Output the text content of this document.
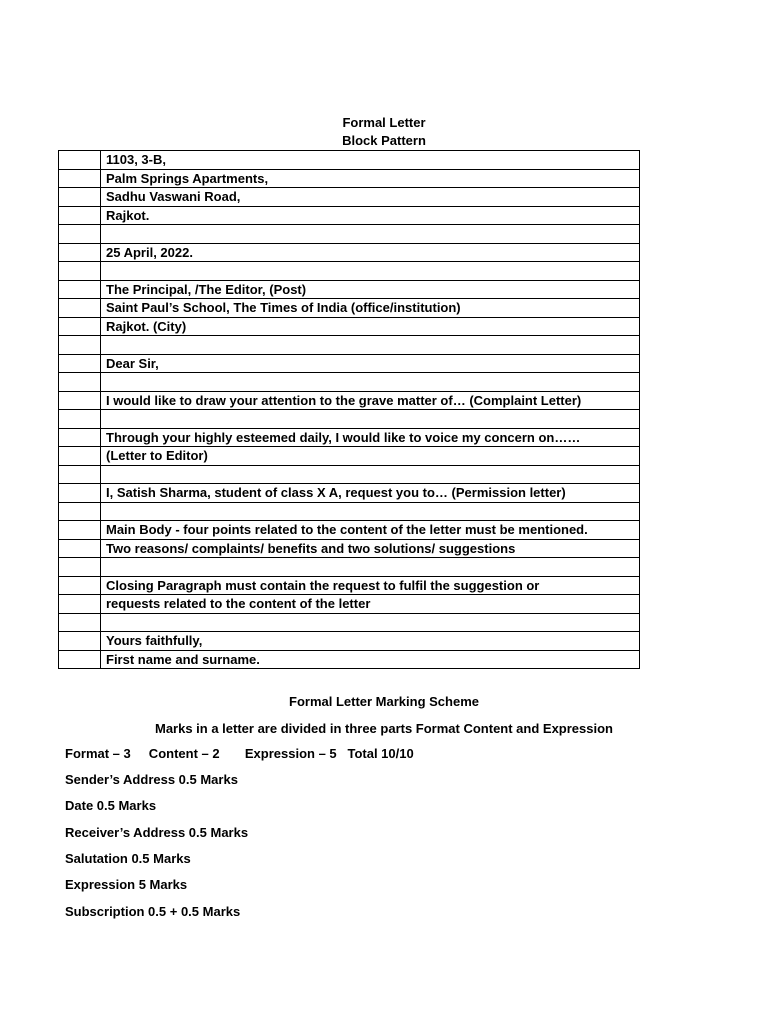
Formal Letter
Block Pattern
	1103, 3-B,
	Palm Springs Apartments,
	Sadhu Vaswani Road,
	Rajkot.

	25 April, 2022.

	The Principal, /The Editor, (Post)
	Saint Paul’s School, The Times of India (office/institution)
	Rajkot. (City)

	Dear Sir,

	I would like to draw your attention to the grave matter of… (Complaint Letter)

	Through your highly esteemed daily, I would like to voice my concern on……
	(Letter to Editor)

	I, Satish Sharma, student of class X A, request you to… (Permission letter)

	Main Body - four points related to the content of the letter must be mentioned.
	Two reasons/ complaints/ benefits and two solutions/ suggestions

	Closing Paragraph must contain the request to fulfil the suggestion or
	requests related to the content of the letter

	Yours faithfully,
	First name and surname.
Formal Letter Marking Scheme
Marks in a letter are divided in three parts Format Content and Expression
Format – 3     Content – 2       Expression – 5   Total 10/10
Sender’s Address 0.5 Marks
Date 0.5 Marks
Receiver’s Address 0.5 Marks
Salutation 0.5 Marks
Expression 5 Marks
Subscription 0.5 + 0.5 Marks
